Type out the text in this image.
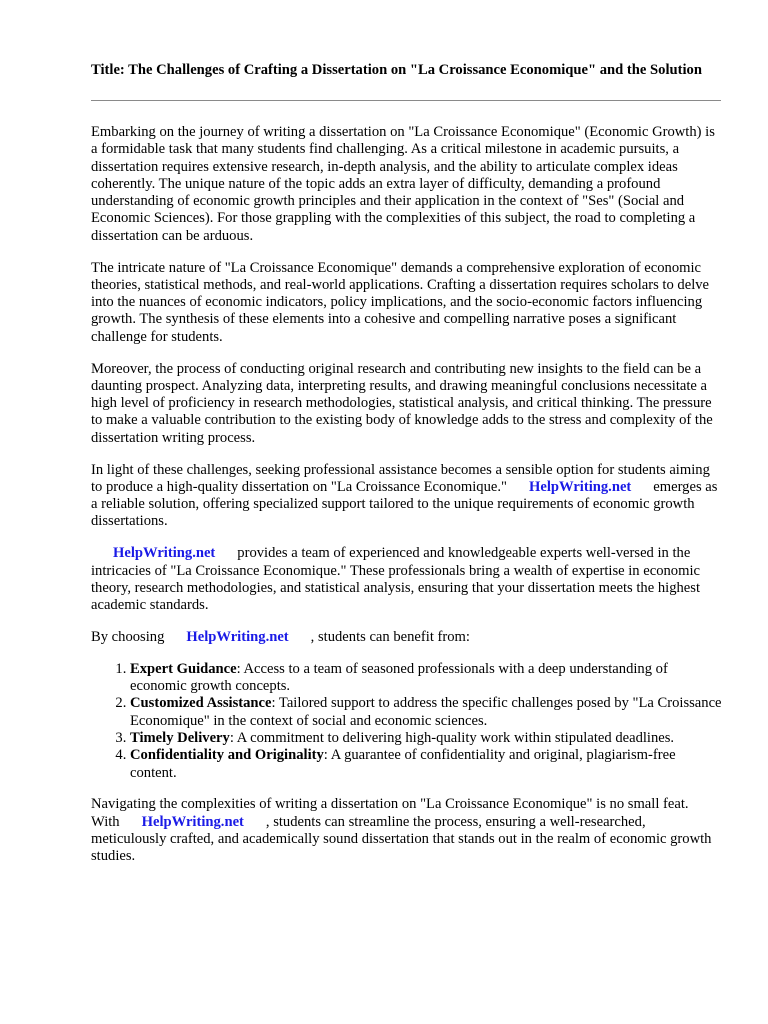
Title: The Challenges of Crafting a Dissertation on "La Croissance Economique" and the Solution

Embarking on the journey of writing a dissertation on "La Croissance Economique" (Economic Growth) is a formidable task that many students find challenging. As a critical milestone in academic pursuits, a dissertation requires extensive research, in-depth analysis, and the ability to articulate complex ideas coherently. The unique nature of the topic adds an extra layer of difficulty, demanding a profound understanding of economic growth principles and their application in the context of "Ses" (Social and Economic Sciences). For those grappling with the complexities of this subject, the road to completing a dissertation can be arduous.

The intricate nature of "La Croissance Economique" demands a comprehensive exploration of economic theories, statistical methods, and real-world applications. Crafting a dissertation requires scholars to delve into the nuances of economic indicators, policy implications, and the socio-economic factors influencing growth. The synthesis of these elements into a cohesive and compelling narrative poses a significant challenge for students.

Moreover, the process of conducting original research and contributing new insights to the field can be a daunting prospect. Analyzing data, interpreting results, and drawing meaningful conclusions necessitate a high level of proficiency in research methodologies, statistical analysis, and critical thinking. The pressure to make a valuable contribution to the existing body of knowledge adds to the stress and complexity of the dissertation writing process.

In light of these challenges, seeking professional assistance becomes a sensible option for students aiming to produce a high-quality dissertation on "La Croissance Economique." HelpWriting.net emerges as a reliable solution, offering specialized support tailored to the unique requirements of economic growth dissertations.

HelpWriting.net provides a team of experienced and knowledgeable experts well-versed in the intricacies of "La Croissance Economique." These professionals bring a wealth of expertise in economic theory, research methodologies, and statistical analysis, ensuring that your dissertation meets the highest academic standards.

By choosing HelpWriting.net , students can benefit from:

1. Expert Guidance: Access to a team of seasoned professionals with a deep understanding of economic growth concepts.
2. Customized Assistance: Tailored support to address the specific challenges posed by "La Croissance Economique" in the context of social and economic sciences.
3. Timely Delivery: A commitment to delivering high-quality work within stipulated deadlines.
4. Confidentiality and Originality: A guarantee of confidentiality and original, plagiarism-free content.

Navigating the complexities of writing a dissertation on "La Croissance Economique" is no small feat. With HelpWriting.net , students can streamline the process, ensuring a well-researched, meticulously crafted, and academically sound dissertation that stands out in the realm of economic growth studies.
